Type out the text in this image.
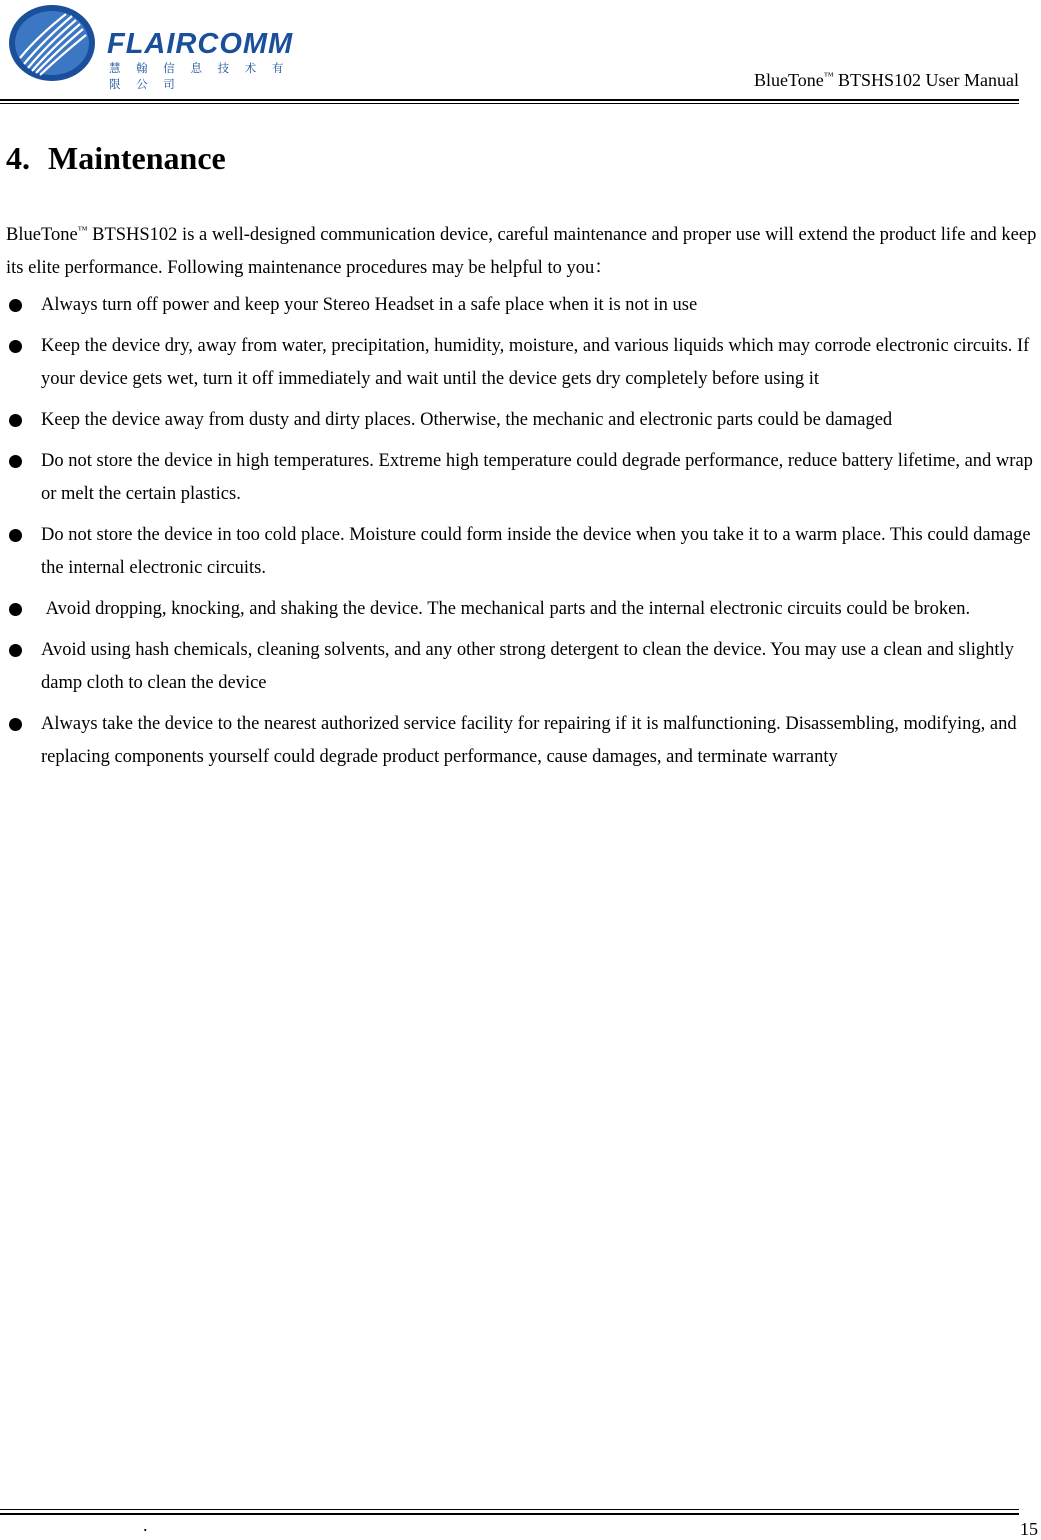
FLAIRCOMM
慧 翰 信 息 技 术 有 限 公 司	BlueTone™ BTSHS102 User Manual
4. Maintenance

BlueTone™ BTSHS102 is a well-designed communication device, careful maintenance and proper use will extend the product life and keep its elite performance. Following maintenance procedures may be helpful to you：

Always turn off power and keep your Stereo Headset in a safe place when it is not in use
Keep the device dry, away from water, precipitation, humidity, moisture, and various liquids which may corrode electronic circuits. If your device gets wet, turn it off immediately and wait until the device gets dry completely before using it
Keep the device away from dusty and dirty places. Otherwise, the mechanic and electronic parts could be damaged
Do not store the device in high temperatures. Extreme high temperature could degrade performance, reduce battery lifetime, and wrap or melt the certain plastics.
Do not store the device in too cold place. Moisture could form inside the device when you take it to a warm place. This could damage the internal electronic circuits.
Avoid dropping, knocking, and shaking the device. The mechanical parts and the internal electronic circuits could be broken.
Avoid using hash chemicals, cleaning solvents, and any other strong detergent to clean the device. You may use a clean and slightly damp cloth to clean the device
Always take the device to the nearest authorized service facility for repairing if it is malfunctioning. Disassembling, modifying, and replacing components yourself could degrade product performance, cause damages, and terminate warranty
.	15
